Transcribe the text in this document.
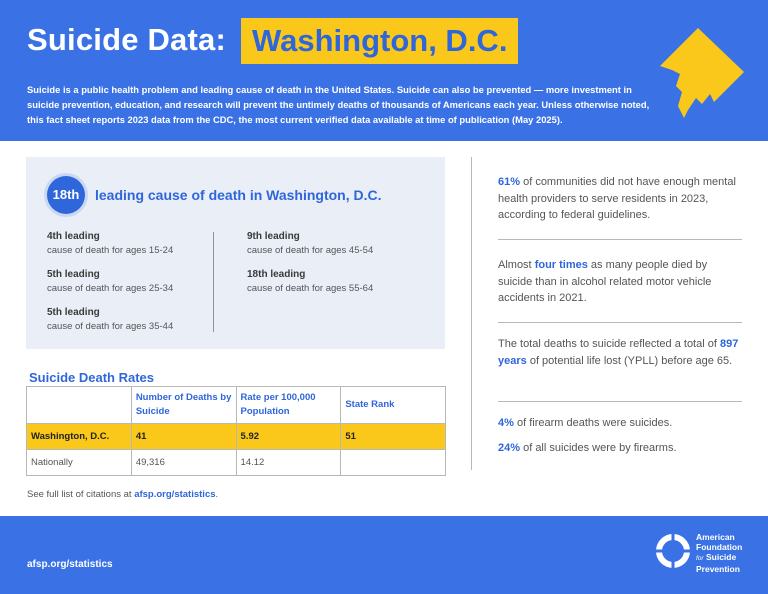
Suicide Data: Washington, D.C.
Suicide is a public health problem and leading cause of death in the United States. Suicide can also be prevented — more investment in suicide prevention, education, and research will prevent the untimely deaths of thousands of Americans each year. Unless otherwise noted, this fact sheet reports 2023 data from the CDC, the most current verified data available at time of publication (May 2025).
18th	leading cause of death in Washington, D.C.
4th leading
cause of death for ages 15-24
5th leading
cause of death for ages 25-34
5th leading
cause of death for ages 35-44
9th leading
cause of death for ages 45-54
18th leading
cause of death for ages 55-64
Suicide Death Rates
	Number of Deaths by Suicide	Rate per 100,000 Population	State Rank
Washington, D.C.	41	5.92	51
Nationally	49,316	14.12	
See full list of citations at afsp.org/statistics.
61% of communities did not have enough mental health providers to serve residents in 2023, according to federal guidelines.
Almost four times as many people died by suicide than in alcohol related motor vehicle accidents in 2021.
The total deaths to suicide reflected a total of 897 years of potential life lost (YPLL) before age 65.
4% of firearm deaths were suicides.
24% of all suicides were by firearms.
afsp.org/statistics
American
Foundation
for Suicide
Prevention
